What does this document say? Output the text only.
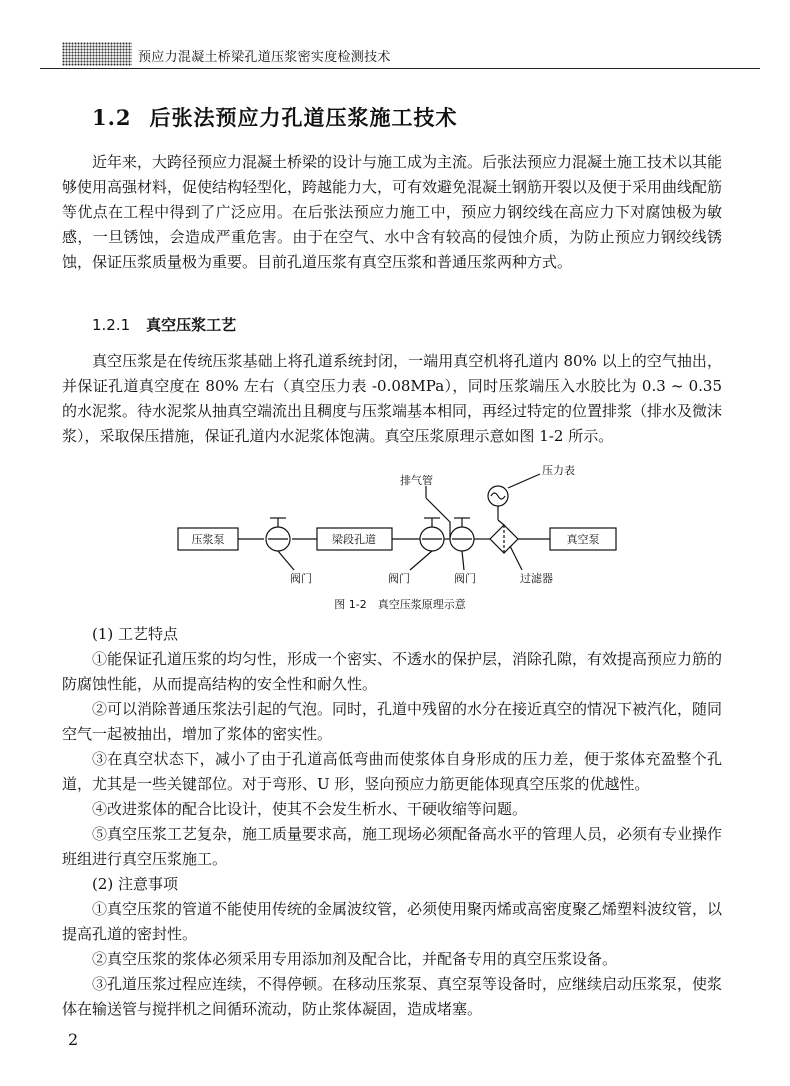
预应力混凝土桥梁孔道压浆密实度检测技术
1.2 后张法预应力孔道压浆施工技术

近年来，大跨径预应力混凝土桥梁的设计与施工成为主流。后张法预应力混凝土施工技术以其能够使用高强材料，促使结构轻型化，跨越能力大，可有效避免混凝土钢筋开裂以及便于采用曲线配筋等优点在工程中得到了广泛应用。在后张法预应力施工中，预应力钢绞线在高应力下对腐蚀极为敏感，一旦锈蚀，会造成严重危害。由于在空气、水中含有较高的侵蚀介质，为防止预应力钢绞线锈蚀，保证压浆质量极为重要。目前孔道压浆有真空压浆和普通压浆两种方式。

1.2.1 真空压浆工艺

真空压浆是在传统压浆基础上将孔道系统封闭，一端用真空机将孔道内 80% 以上的空气抽出，并保证孔道真空度在 80% 左右（真空压力表 -0.08MPa），同时压浆端压入水胶比为 0.3 ~ 0.35 的水泥浆。待水泥浆从抽真空端流出且稠度与压浆端基本相同，再经过特定的位置排浆（排水及微沫浆），采取保压措施，保证孔道内水泥浆体饱满。真空压浆原理示意如图 1-2 所示。

压浆泵	梁段孔道	真空泵
排气管
压力表
阀门	阀门	阀门	过滤器
图 1-2　真空压浆原理示意

(1) 工艺特点

①能保证孔道压浆的均匀性，形成一个密实、不透水的保护层，消除孔隙，有效提高预应力筋的防腐蚀性能，从而提高结构的安全性和耐久性。

②可以消除普通压浆法引起的气泡。同时，孔道中残留的水分在接近真空的情况下被汽化，随同空气一起被抽出，增加了浆体的密实性。

③在真空状态下，减小了由于孔道高低弯曲而使浆体自身形成的压力差，便于浆体充盈整个孔道，尤其是一些关键部位。对于弯形、U 形，竖向预应力筋更能体现真空压浆的优越性。

④改进浆体的配合比设计，使其不会发生析水、干硬收缩等问题。

⑤真空压浆工艺复杂，施工质量要求高，施工现场必须配备高水平的管理人员，必须有专业操作班组进行真空压浆施工。

(2) 注意事项

①真空压浆的管道不能使用传统的金属波纹管，必须使用聚丙烯或高密度聚乙烯塑料波纹管，以提高孔道的密封性。

②真空压浆的浆体必须采用专用添加剂及配合比，并配备专用的真空压浆设备。

③孔道压浆过程应连续，不得停顿。在移动压浆泵、真空泵等设备时，应继续启动压浆泵，使浆体在输送管与搅拌机之间循环流动，防止浆体凝固，造成堵塞。

2
